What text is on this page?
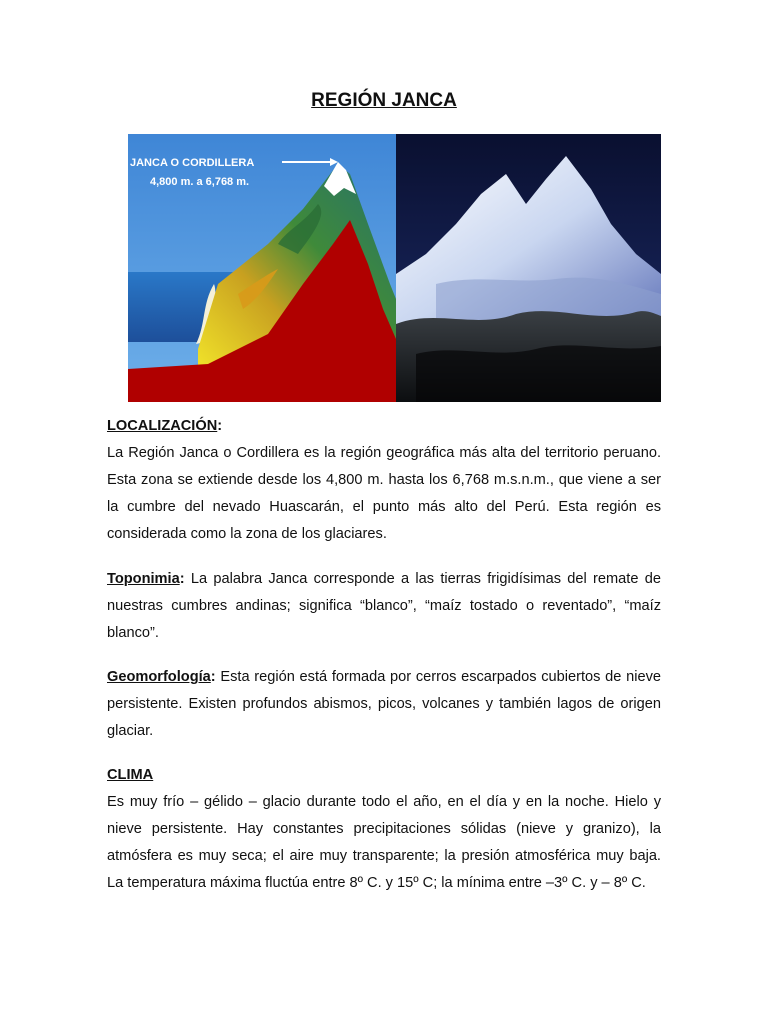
REGIÓN JANCA
JANCA O CORDILLERA
4,800 m. a 6,768 m.

LOCALIZACIÓN:

La Región Janca o Cordillera es la región geográfica más alta del territorio peruano. Esta zona se extiende desde los 4,800 m. hasta los 6,768 m.s.n.m., que viene a ser la cumbre del nevado Huascarán, el punto más alto del Perú. Esta región es considerada como la zona de los glaciares.

Toponimia: La palabra Janca corresponde a las tierras frigidísimas del remate de nuestras cumbres andinas; significa “blanco”, “maíz tostado o reventado”, “maíz blanco”.

Geomorfología: Esta región está formada por cerros escarpados cubiertos de nieve persistente. Existen profundos abismos, picos, volcanes y también lagos de origen glaciar.

CLIMA

Es muy frío – gélido – glacio durante todo el año, en el día y en la noche. Hielo y nieve persistente. Hay constantes precipitaciones sólidas (nieve y granizo), la atmósfera es muy seca; el aire muy transparente; la presión atmosférica muy baja. La temperatura máxima fluctúa entre 8º C. y 15º C; la mínima entre –3º C. y – 8º C.
